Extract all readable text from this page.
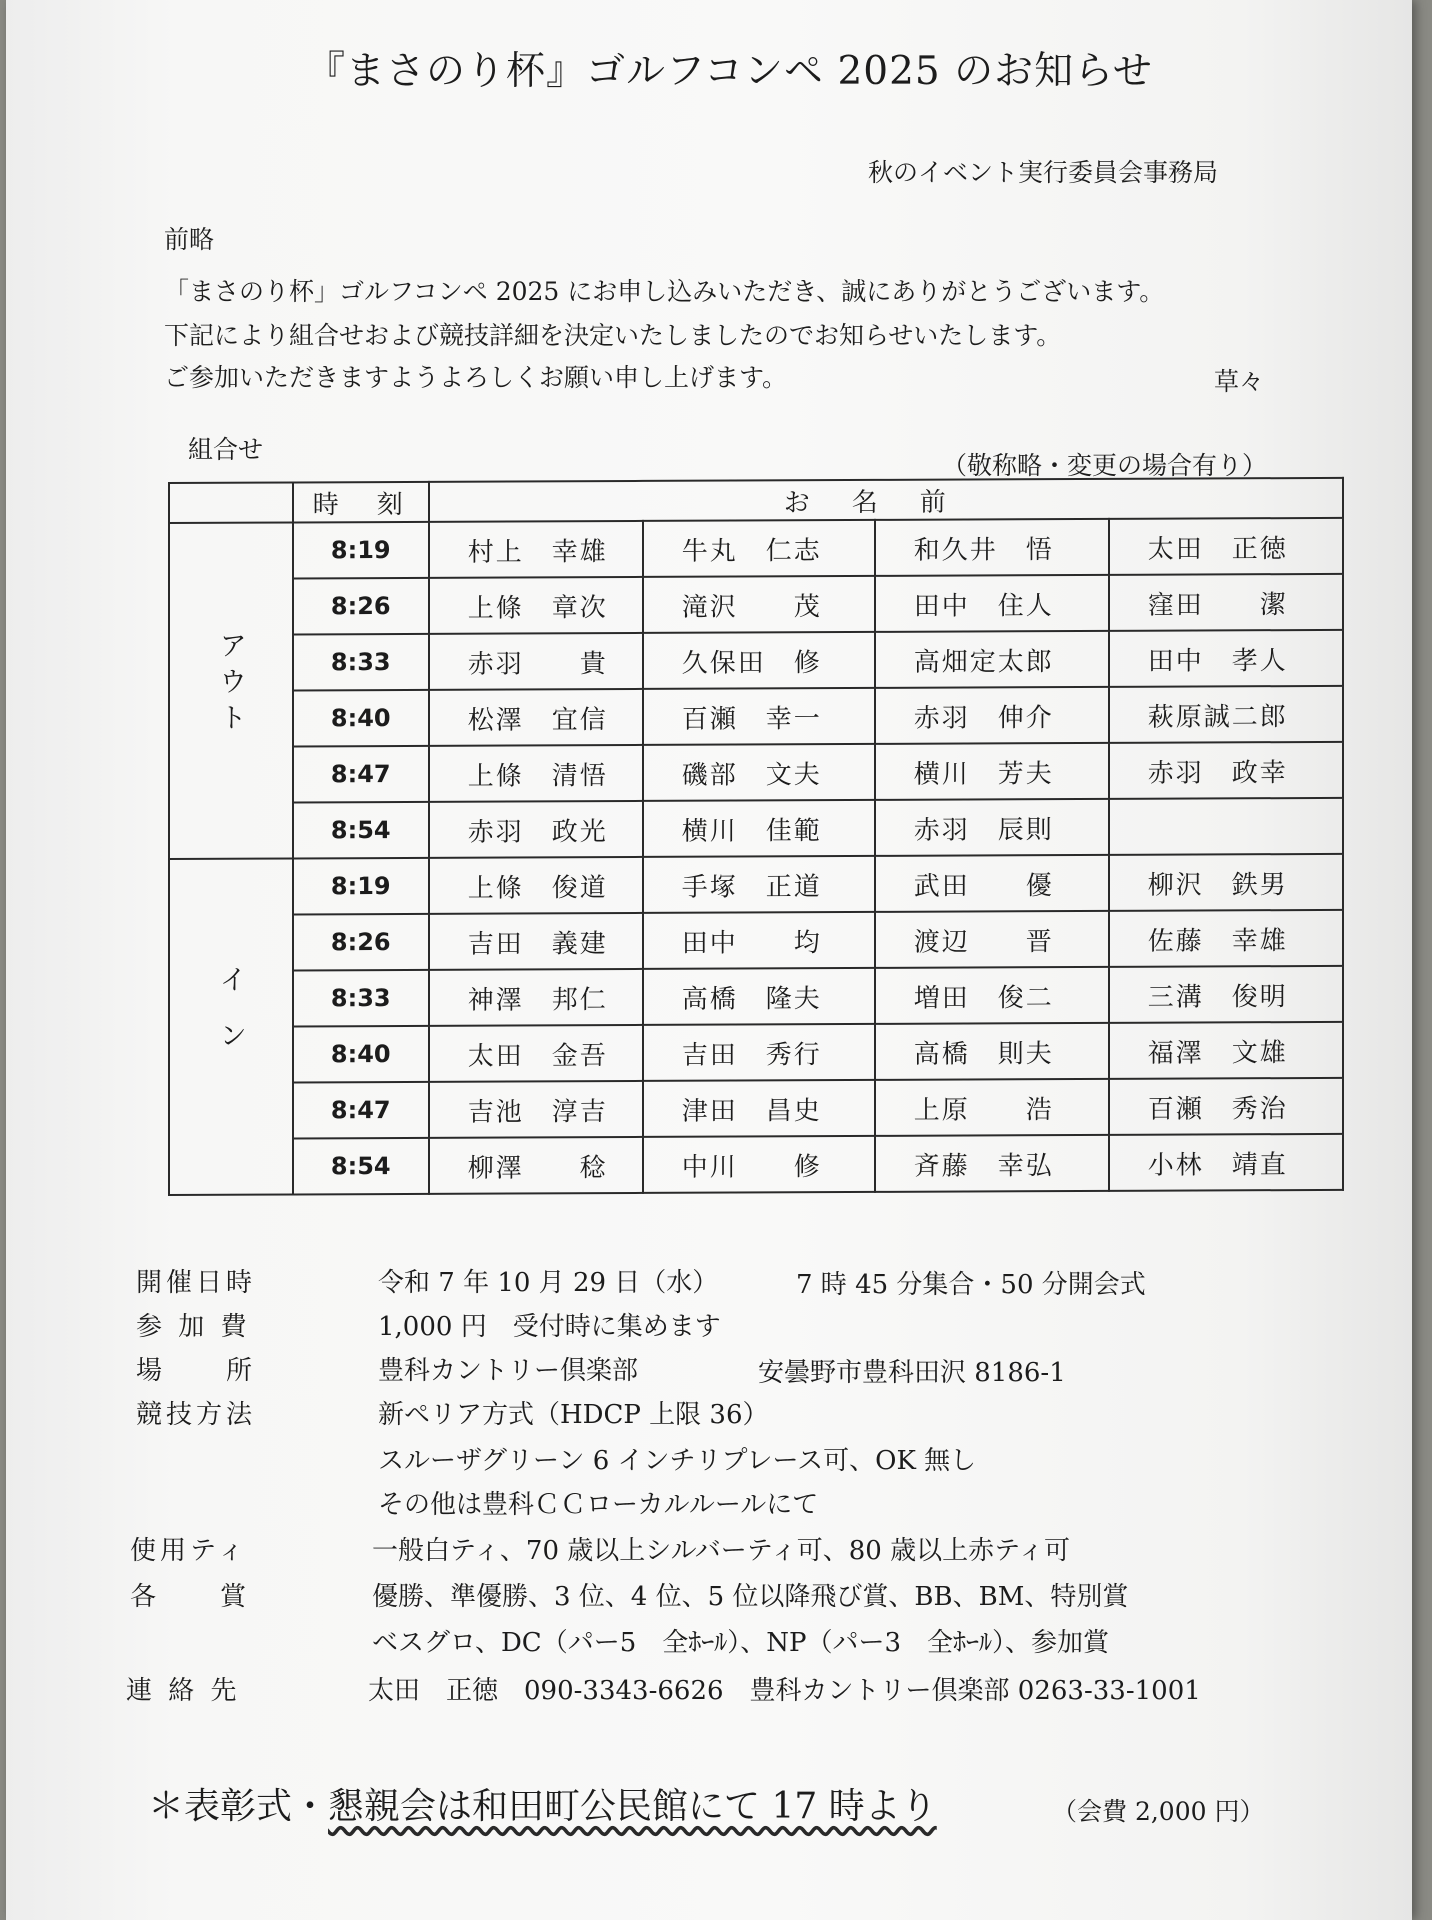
『まさのり杯』ゴルフコンペ 2025 のお知らせ
秋のイベント実行委員会事務局
前略
「まさのり杯」ゴルフコンペ 2025 にお申し込みいただき、誠にありがとうございます。
下記により組合せおよび競技詳細を決定いたしましたのでお知らせいたします。
ご参加いただきますようよろしくお願い申し上げます。	草々
組合せ
（敬称略・変更の場合有り）
	時　刻	お名前			
アウト	8:19	村上　幸雄	牛丸　仁志	和久井　悟	太田　正徳
	8:26	上條　章次	滝沢　　茂	田中　住人	窪田　　潔
	8:33	赤羽　　貴	久保田　修	高畑定太郎	田中　孝人
	8:40	松澤　宜信	百瀬　幸一	赤羽　伸介	萩原誠二郎
	8:47	上條　清悟	磯部　文夫	横川　芳夫	赤羽　政幸
	8:54	赤羽　政光	横川　佳範	赤羽　辰則	
イン	8:19	上條　俊道	手塚　正道	武田　　優	柳沢　鉄男
	8:26	吉田　義建	田中　　均	渡辺　　晋	佐藤　幸雄
	8:33	神澤　邦仁	高橋　隆夫	増田　俊二	三溝　俊明
	8:40	太田　金吾	吉田　秀行	高橋　則夫	福澤　文雄
	8:47	吉池　淳吉	津田　昌史	上原　　浩	百瀬　秀治
	8:54	柳澤　　稔	中川　　修	斉藤　幸弘	小林　靖直
開催日時	令和 7 年 10 月 29 日（水）	7 時 45 分集合・50 分開会式
参 加 費	1,000 円　受付時に集めます
場　　所	豊科カントリー倶楽部	安曇野市豊科田沢 8186-1
競技方法	新ペリア方式（HDCP 上限 36）
スルーザグリーン 6 インチリプレース可、OK 無し
その他は豊科ＣＣローカルルールにて
使用ティ	一般白ティ、70 歳以上シルバーティ可、80 歳以上赤ティ可
各　　賞	優勝、準優勝、3 位、4 位、5 位以降飛び賞、BB、BM、特別賞
ベスグロ、DC（パー5　全ﾎｰﾙ）、NP（パー3　全ﾎｰﾙ）、参加賞
連 絡 先	太田　正徳　090-3343-6626　豊科カントリー倶楽部 0263-33-1001
＊表彰式・懇親会は和田町公民館にて 17 時より	（会費 2,000 円）
